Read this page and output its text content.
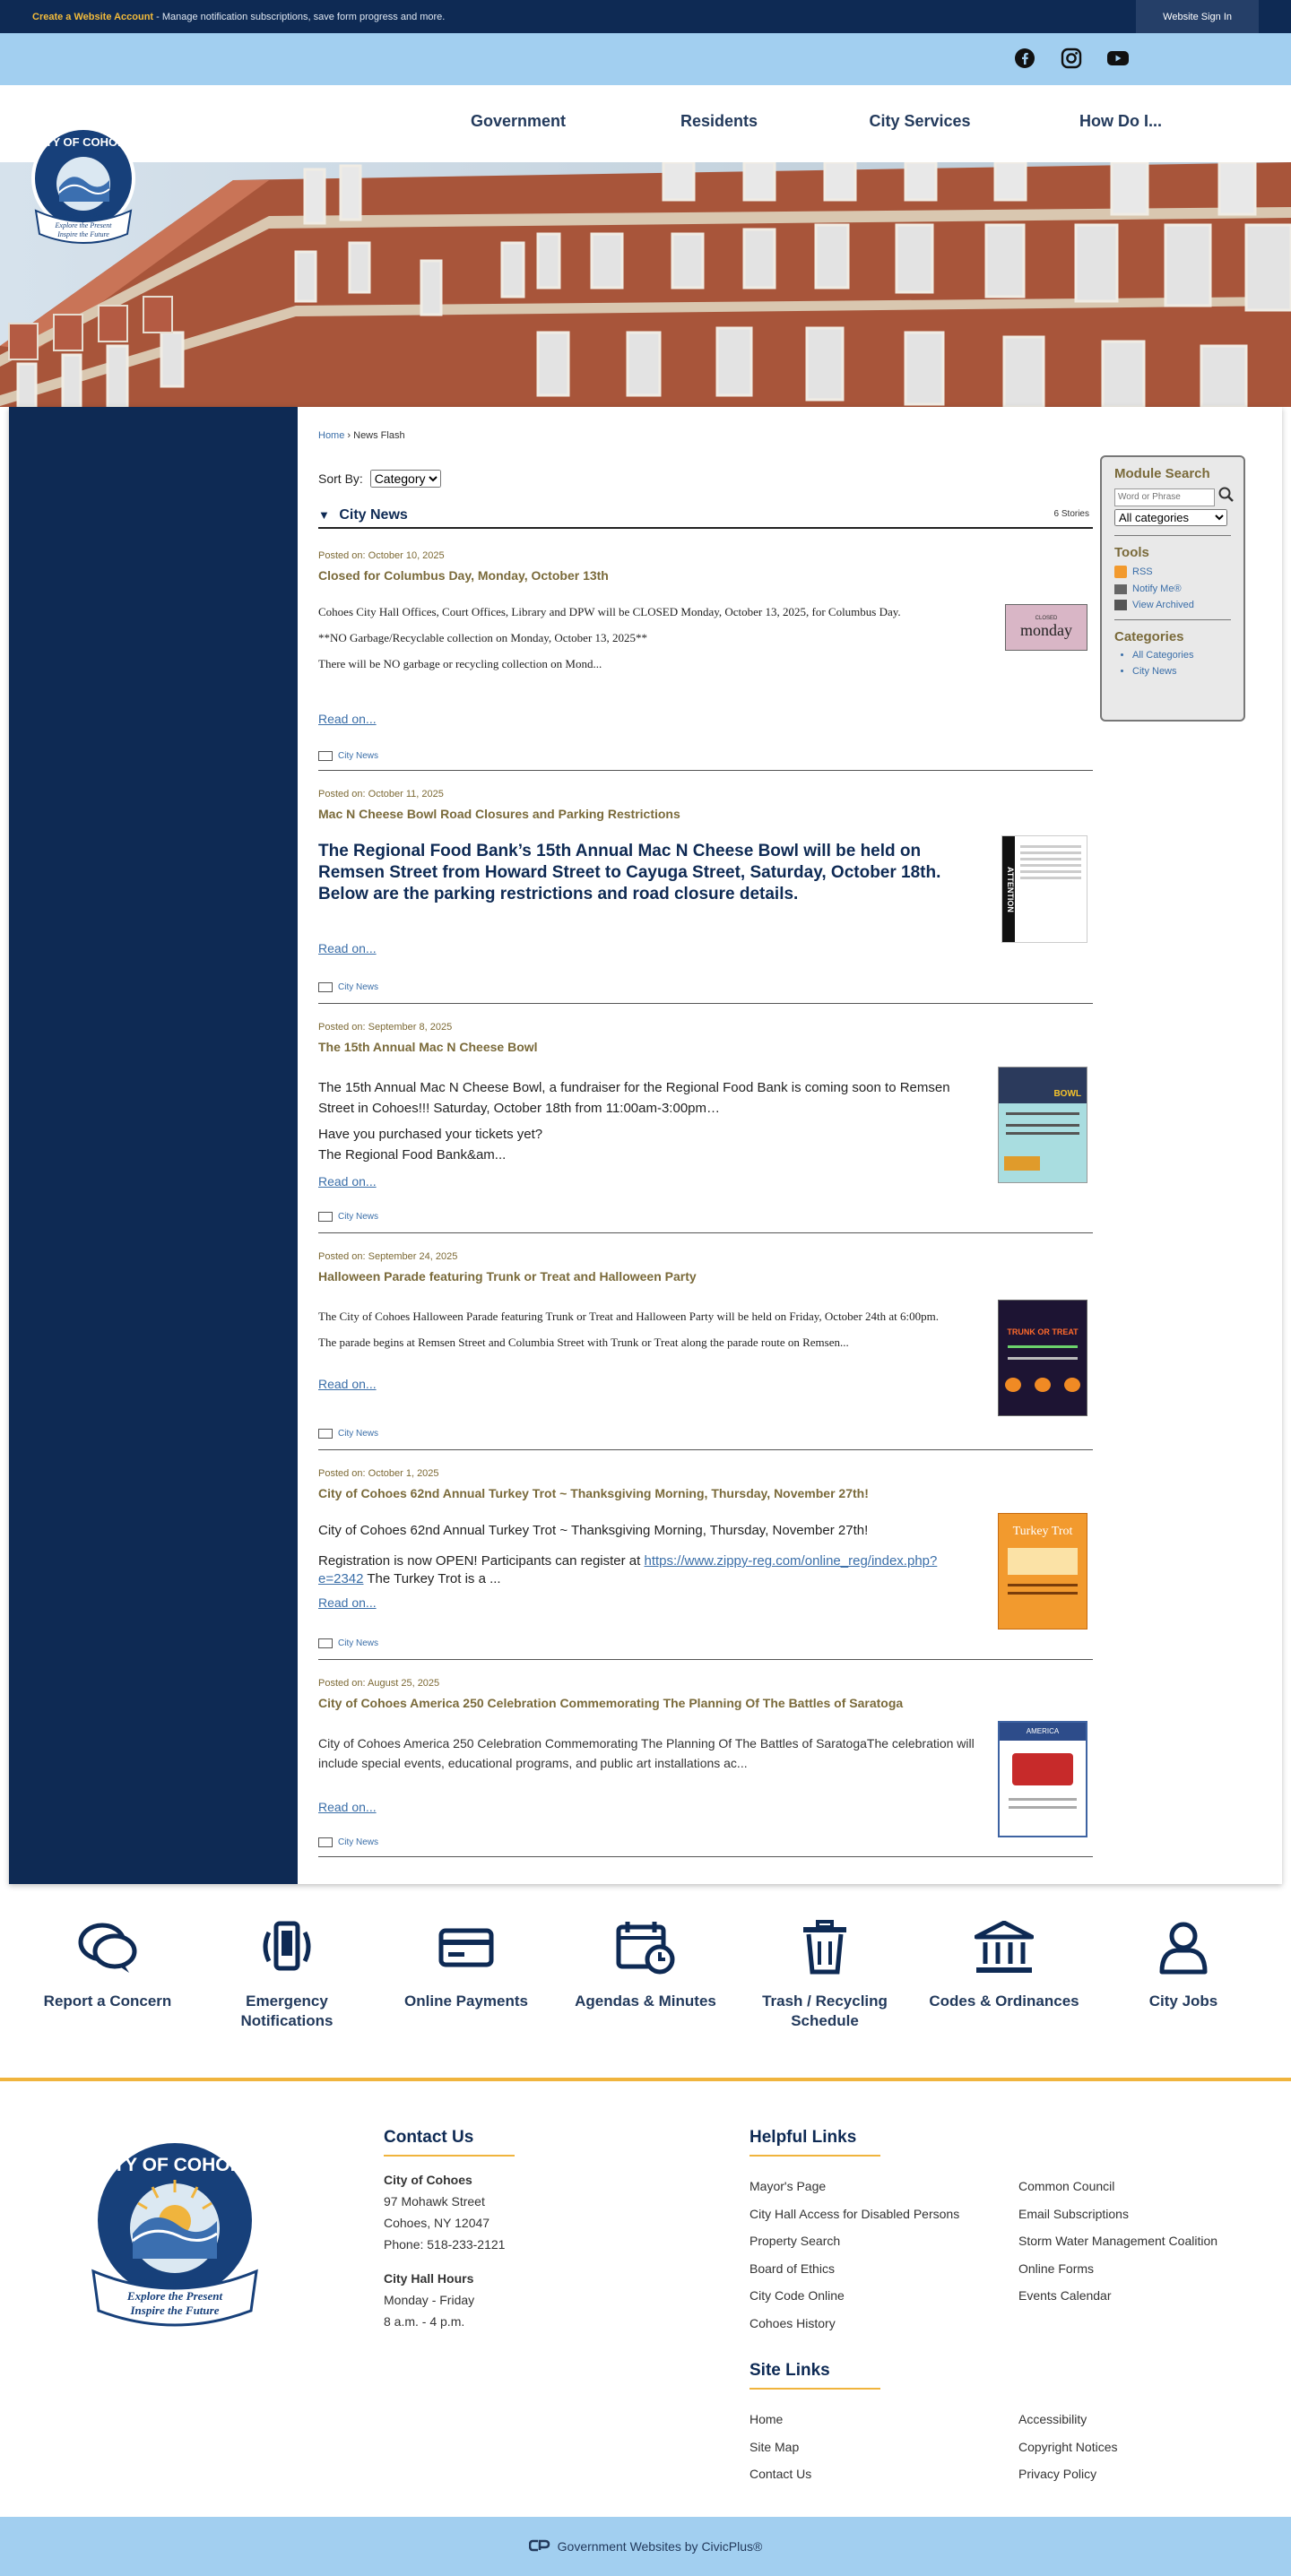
Create a Website Account - Manage notification subscriptions, save form progress and more.	Website Sign In
CITY OF COHOES
Honor the Past
Explore the Present
Inspire the Future
Government	Residents	City Services	How Do I...
Home › News Flash
Sort By:
Category
▼ City News	6 Stories
Posted on: October 10, 2025
Closed for Columbus Day, Monday, October 13th

Cohoes City Hall Offices, Court Offices, Library and DPW will be CLOSED Monday, October 13, 2025, for Columbus Day.

**NO Garbage/Recyclable collection on Monday, October 13, 2025**

There will be NO garbage or recycling collection on Mond...

Read on...
City News
CLOSED
monday
Posted on: October 11, 2025
Mac N Cheese Bowl Road Closures and Parking Restrictions
The Regional Food Bank’s 15th Annual Mac N Cheese Bowl will be held on Remsen Street from Howard Street to Cayuga Street, Saturday, October 18th. Below are the parking restrictions and road closure details.
Read on...
City News
ATTENTION
Posted on: September 8, 2025
The 15th Annual Mac N Cheese Bowl

The 15th Annual Mac N Cheese Bowl, a fundraiser for the Regional Food Bank is coming soon to Remsen Street in Cohoes!!! Saturday, October 18th from 11:00am-3:00pm…

Have you purchased your tickets yet?

The Regional Food Bank&am...

Read on...
City News
BOWL
Posted on: September 24, 2025
Halloween Parade featuring Trunk or Treat and Halloween Party

The City of Cohoes Halloween Parade featuring Trunk or Treat and Halloween Party will be held on Friday, October 24th at 6:00pm.

The parade begins at Remsen Street and Columbia Street with Trunk or Treat along the parade route on Remsen...

Read on...
City News
TRUNK OR TREAT
Posted on: October 1, 2025
City of Cohoes 62nd Annual Turkey Trot ~ Thanksgiving Morning, Thursday, November 27th!

City of Cohoes 62nd Annual Turkey Trot ~ Thanksgiving Morning, Thursday, November 27th!

Registration is now OPEN! Participants can register at https://www.zippy-reg.com/online_reg/index.php?e=2342 The Turkey Trot is a ...

Read on...
City News
Turkey Trot
Posted on: August 25, 2025
City of Cohoes America 250 Celebration Commemorating The Planning Of The Battles of Saratoga
City of Cohoes America 250 Celebration Commemorating The Planning Of The Battles of SaratogaThe celebration will include special events, educational programs, and public art installations ac...
Read on...
City News
AMERICA
Module Search
Word or Phrase
All categories
Tools
RSS
Notify Me®
View Archived
Categories
• All Categories
• City News
Report a Concern	Emergency Notifications
Online Payments	Agendas & Minutes	Trash / Recycling Schedule
Codes & Ordinances	City Jobs
CITY OF COHOES
Honor the Past
Explore the Present
Inspire the Future
Contact Us

City of Cohoes

97 Mohawk Street

Cohoes, NY 12047

Phone: 518-233-2121

City Hall Hours

Monday - Friday

8 a.m. - 4 p.m.

Helpful Links
Mayor's Page
City Hall Access for Disabled Persons
Property Search
Board of Ethics
City Code Online
Cohoes History
Common Council
Email Subscriptions
Storm Water Management Coalition
Online Forms
Events Calendar
Site Links
Home
Site Map
Contact Us
Accessibility
Copyright Notices
Privacy Policy
Government Websites by CivicPlus®
